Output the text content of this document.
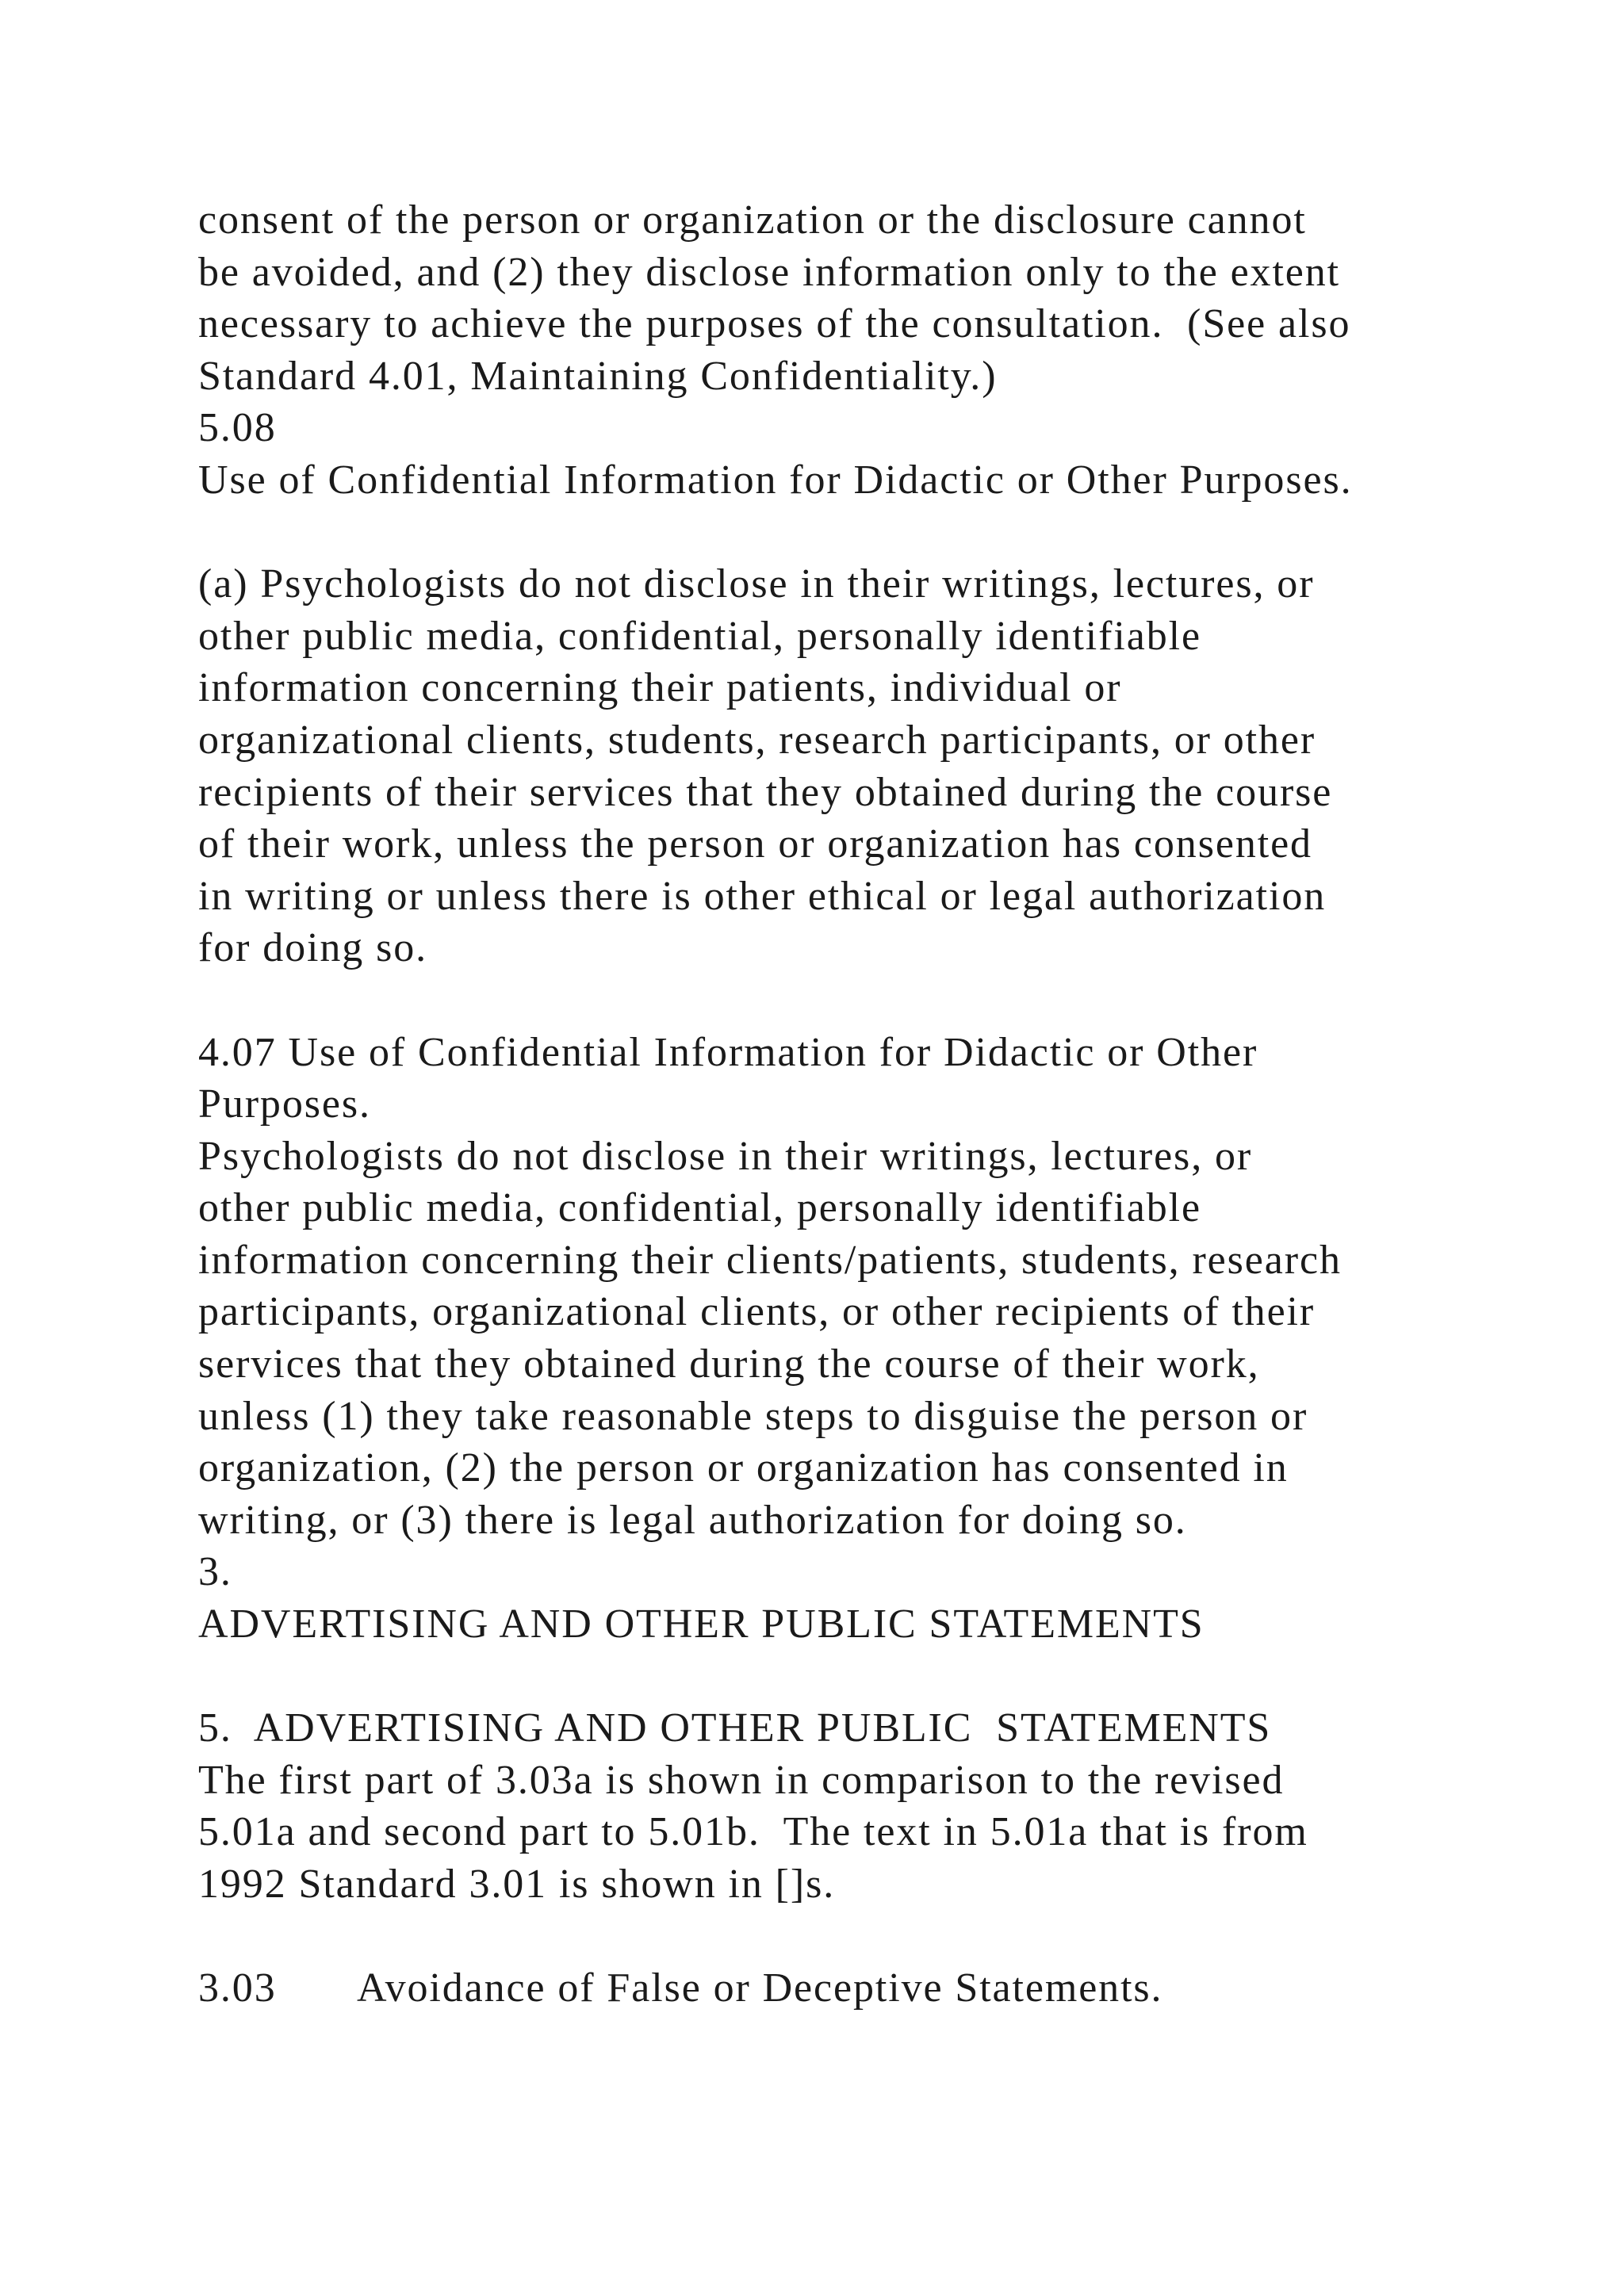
consent of the person or organization or the disclosure cannot
be avoided, and (2) they disclose information only to the extent
necessary to achieve the purposes of the consultation.  (See also
Standard 4.01, Maintaining Confidentiality.)
5.08
Use of Confidential Information for Didactic or Other Purposes.
(a) Psychologists do not disclose in their writings, lectures, or
other public media, confidential, personally identifiable
information concerning their patients, individual or
organizational clients, students, research participants, or other
recipients of their services that they obtained during the course
of their work, unless the person or organization has consented
in writing or unless there is other ethical or legal authorization
for doing so.
4.07 Use of Confidential Information for Didactic or Other
Purposes.
Psychologists do not disclose in their writings, lectures, or
other public media, confidential, personally identifiable
information concerning their clients/patients, students, research
participants, organizational clients, or other recipients of their
services that they obtained during the course of their work,
unless (1) they take reasonable steps to disguise the person or
organization, (2) the person or organization has consented in
writing, or (3) there is legal authorization for doing so.
3.
ADVERTISING AND OTHER PUBLIC STATEMENTS
5.  ADVERTISING AND OTHER PUBLIC  STATEMENTS
The first part of 3.03a is shown in comparison to the revised
5.01a and second part to 5.01b.  The text in 5.01a that is from
1992 Standard 3.01 is shown in []s.
3.03       Avoidance of False or Deceptive Statements.
